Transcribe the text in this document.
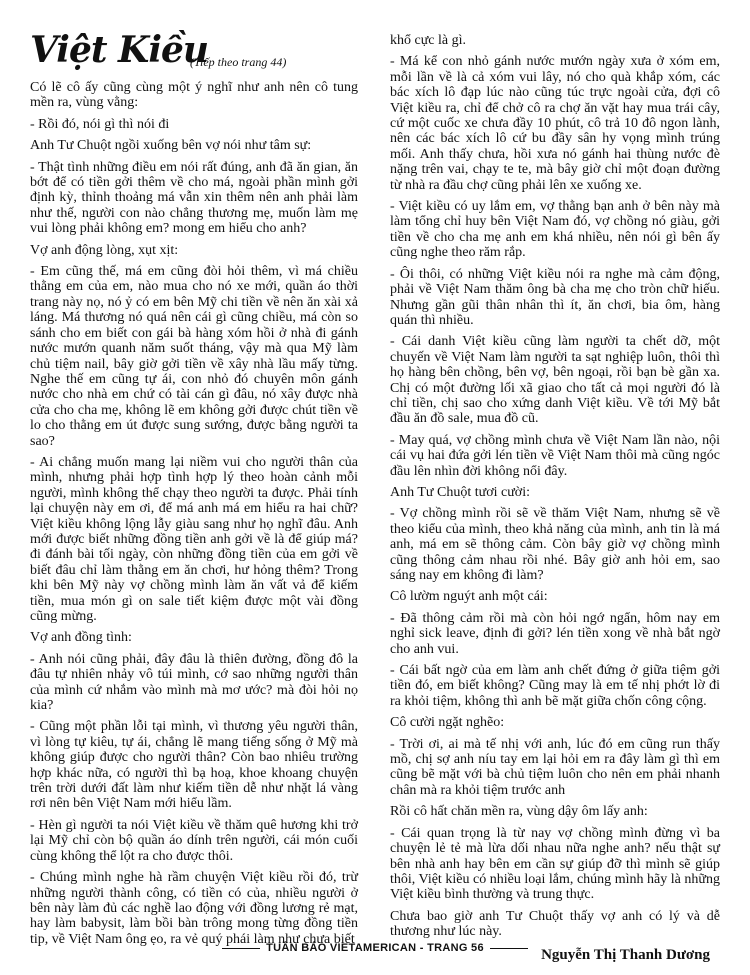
Việt Kiều
(Tiếp theo trang 44)

Có lẽ cô ấy cũng cùng một ý nghĩ như anh nên cô tung mền ra, vùng vằng:

- Rồi đó, nói gì thì nói đi

Anh Tư Chuột ngồi xuống bên vợ nói như tâm sự:

- Thật tình những điều em nói rất đúng, anh đã ăn gian, ăn bớt để có tiền gởi thêm về cho má, ngoài phần mình gởi định kỳ, thỉnh thoảng má vẫn xin thêm nên anh phải làm như thế, người con nào chẳng thương mẹ, muốn làm mẹ vui lòng phải không em? mong em hiểu cho anh?

Vợ anh động lòng, xụt xịt:

- Em cũng thế, má em cũng đòi hỏi thêm, vì má chiều thằng em của em, nào mua cho nó xe mới, quần áo thời trang này nọ, nó ỷ có em bên Mỹ chi tiền về nên ăn xài xả láng. Má thương nó quá nên cái gì cũng chiều, má còn so sánh cho em biết con gái bà hàng xóm hồi ở nhà đi gánh nước mướn quanh năm suốt tháng, vậy mà qua Mỹ làm chủ tiệm nail, bây giờ gởi tiền về xây nhà lầu mấy từng. Nghe thế em cũng tự ái, con nhỏ đó chuyên môn gánh nước cho nhà em chứ có tài cán gì đâu, nó xây được nhà cửa cho cha mẹ, không lẽ em không gởi được chút tiền về lo cho thằng em út được sung sướng, được bằng người ta sao?

- Ai chẳng muốn mang lại niềm vui cho người thân của mình, nhưng phải hợp tình hợp lý theo hoàn cảnh mỗi người, mình không thể chạy theo người ta được. Phải tính lại chuyện này em ơi, để má anh má em hiểu ra hai chữ? Việt kiều không lộng lẫy giàu sang như họ nghĩ đâu. Anh mới được biết những đồng tiền anh gởi về là để giúp má? đi đánh bài tối ngày, còn những đồng tiền của em gởi về biết đâu chỉ làm thằng em ăn chơi, hư hỏng thêm? Trong khi bên Mỹ này vợ chồng mình làm ăn vất vả để kiếm tiền, mua món gì on sale tiết kiệm được một vài đồng cũng mừng.

Vợ anh đồng tình:

- Anh nói cũng phải, đây đâu là thiên đường, đồng đô la đâu tự nhiên nhảy vô túi mình, cớ sao những người thân của mình cứ nhắm vào mình mà mơ ước? mà đòi hỏi nọ kia?

- Cũng một phần lỗi tại mình, vì thương yêu người thân, vì lòng tự kiêu, tự ái, chẳng lẽ mang tiếng sống ở Mỹ mà không giúp được cho người thân? Còn bao nhiêu trường hợp khác nữa, có người thì bạ hoạ, khoe khoang chuyện trên trời dưới đất làm như kiếm tiền dễ như nhặt lá vàng rơi nên bên Việt Nam mới hiểu lầm.

- Hèn gì người ta nói Việt kiều về thăm quê hương khi trở lại Mỹ chỉ còn bộ quần áo dính trên người, cái món cuối cùng không thể lột ra cho được thôi.

- Chúng mình nghe hà rầm chuyện Việt kiều rồi đó, trừ những người thành công, có tiền có của, nhiều người ở bên này làm đủ các nghề lao động với đồng lương rẻ mạt, hay làm babysit, làm bồi bàn trông mong từng đồng tiền tip, về Việt Nam ông ẹo, ra vẻ quý phái làm như chưa biết

khổ cực là gì.

- Má kể con nhỏ gánh nước mướn ngày xưa ở xóm em, mỗi lần về là cả xóm vui lây, nó cho quà khắp xóm, các bác xích lô đạp lúc nào cũng túc trực ngoài cửa, đợi cô Việt kiều ra, chỉ để chở cô ra chợ ăn vặt hay mua trái cây, cứ một cuốc xe chưa đầy 10 phút, cô trả 10 đô ngon lành, nên các bác xích lô cứ bu đầy sân hy vọng mình trúng mối. Anh thấy chưa, hồi xưa nó gánh hai thùng nước đè nặng trên vai, chạy te te, mà bây giờ chỉ một đoạn đường từ nhà ra đầu chợ cũng phải lên xe xuống xe.

- Việt kiều có uy lắm em, vợ thằng bạn anh ở bên này mà làm tổng chỉ huy bên Việt Nam đó, vợ chồng nó giàu, gởi tiền về cho cha mẹ anh em khá nhiều, nên nói gì bên ấy cũng nghe theo răm rắp.

- Ôi thôi, có những Việt kiều nói ra nghe mà cảm động, phải về Việt Nam thăm ông bà cha mẹ cho tròn chữ hiếu. Nhưng gần gũi thân nhân thì ít, ăn chơi, bia ôm, hàng quán thì nhiều.

- Cái danh Việt kiều cũng làm người ta chết dỡ, một chuyến về Việt Nam làm người ta sạt nghiệp luôn, thôi thì họ hàng bên chồng, bên vợ, bên ngoại, rồi bạn bè gần xa. Chị có một đường lối xã giao cho tất cả mọi người đó là chỉ tiền, chị sao cho xứng danh Việt kiều. Về tới Mỹ bắt đầu ăn đồ sale, mua đồ cũ.

- May quá, vợ chồng mình chưa về Việt Nam lần nào, nội cái vụ hai đứa gởi lén tiền về Việt Nam thôi mà cũng ngóc đầu lên nhìn đời không nổi đây.

Anh Tư Chuột tươi cười:

- Vợ chồng mình rồi sẽ về thăm Việt Nam, nhưng sẽ về theo kiểu của mình, theo khả năng của mình, anh tin là má anh, má em sẽ thông cảm. Còn bây giờ vợ chồng mình cũng thông cảm nhau rồi nhé. Bây giờ anh hỏi em, sao sáng nay em không đi làm?

Cô lườm nguýt anh một cái:

- Đã thông cảm rồi mà còn hỏi ngớ ngẩn, hôm nay em nghỉ sick leave, định đi gởi? lén tiền xong về nhà bắt ngờ cho anh vui.

- Cái bất ngờ của em làm anh chết đứng ở giữa tiệm gởi tiền đó, em biết không? Cũng may là em tế nhị phớt lờ đi ra khỏi tiệm, không thì anh bẽ mặt giữa chốn công cộng.

Cô cười ngặt nghẽo:

- Trời ơi, ai mà tế nhị với anh, lúc đó em cũng run thấy mồ, chị sợ anh níu tay em lại hỏi em ra đây làm gì thì em cũng bẽ mặt với bà chủ tiệm luôn cho nên em phải nhanh chân mà ra khỏi tiệm trước anh

Rồi cô hất chăn mền ra, vùng dậy ôm lấy anh:

- Cái quan trọng là từ nay vợ chồng mình đừng vì ba chuyện lẻ tẻ mà lừa dối nhau nữa nghe anh? nếu thật sự bên nhà anh hay bên em cần sự giúp đỡ thì mình sẽ giúp thôi, Việt kiều có nhiều loại lắm, chúng mình hãy là những Việt kiều bình thường và trung thực.

Chưa bao giờ anh Tư Chuột thấy vợ anh có lý và dễ thương như lúc này.

Nguyễn Thị Thanh Dương
TUẦN BÁO VIETAMERICAN - TRANG 56
